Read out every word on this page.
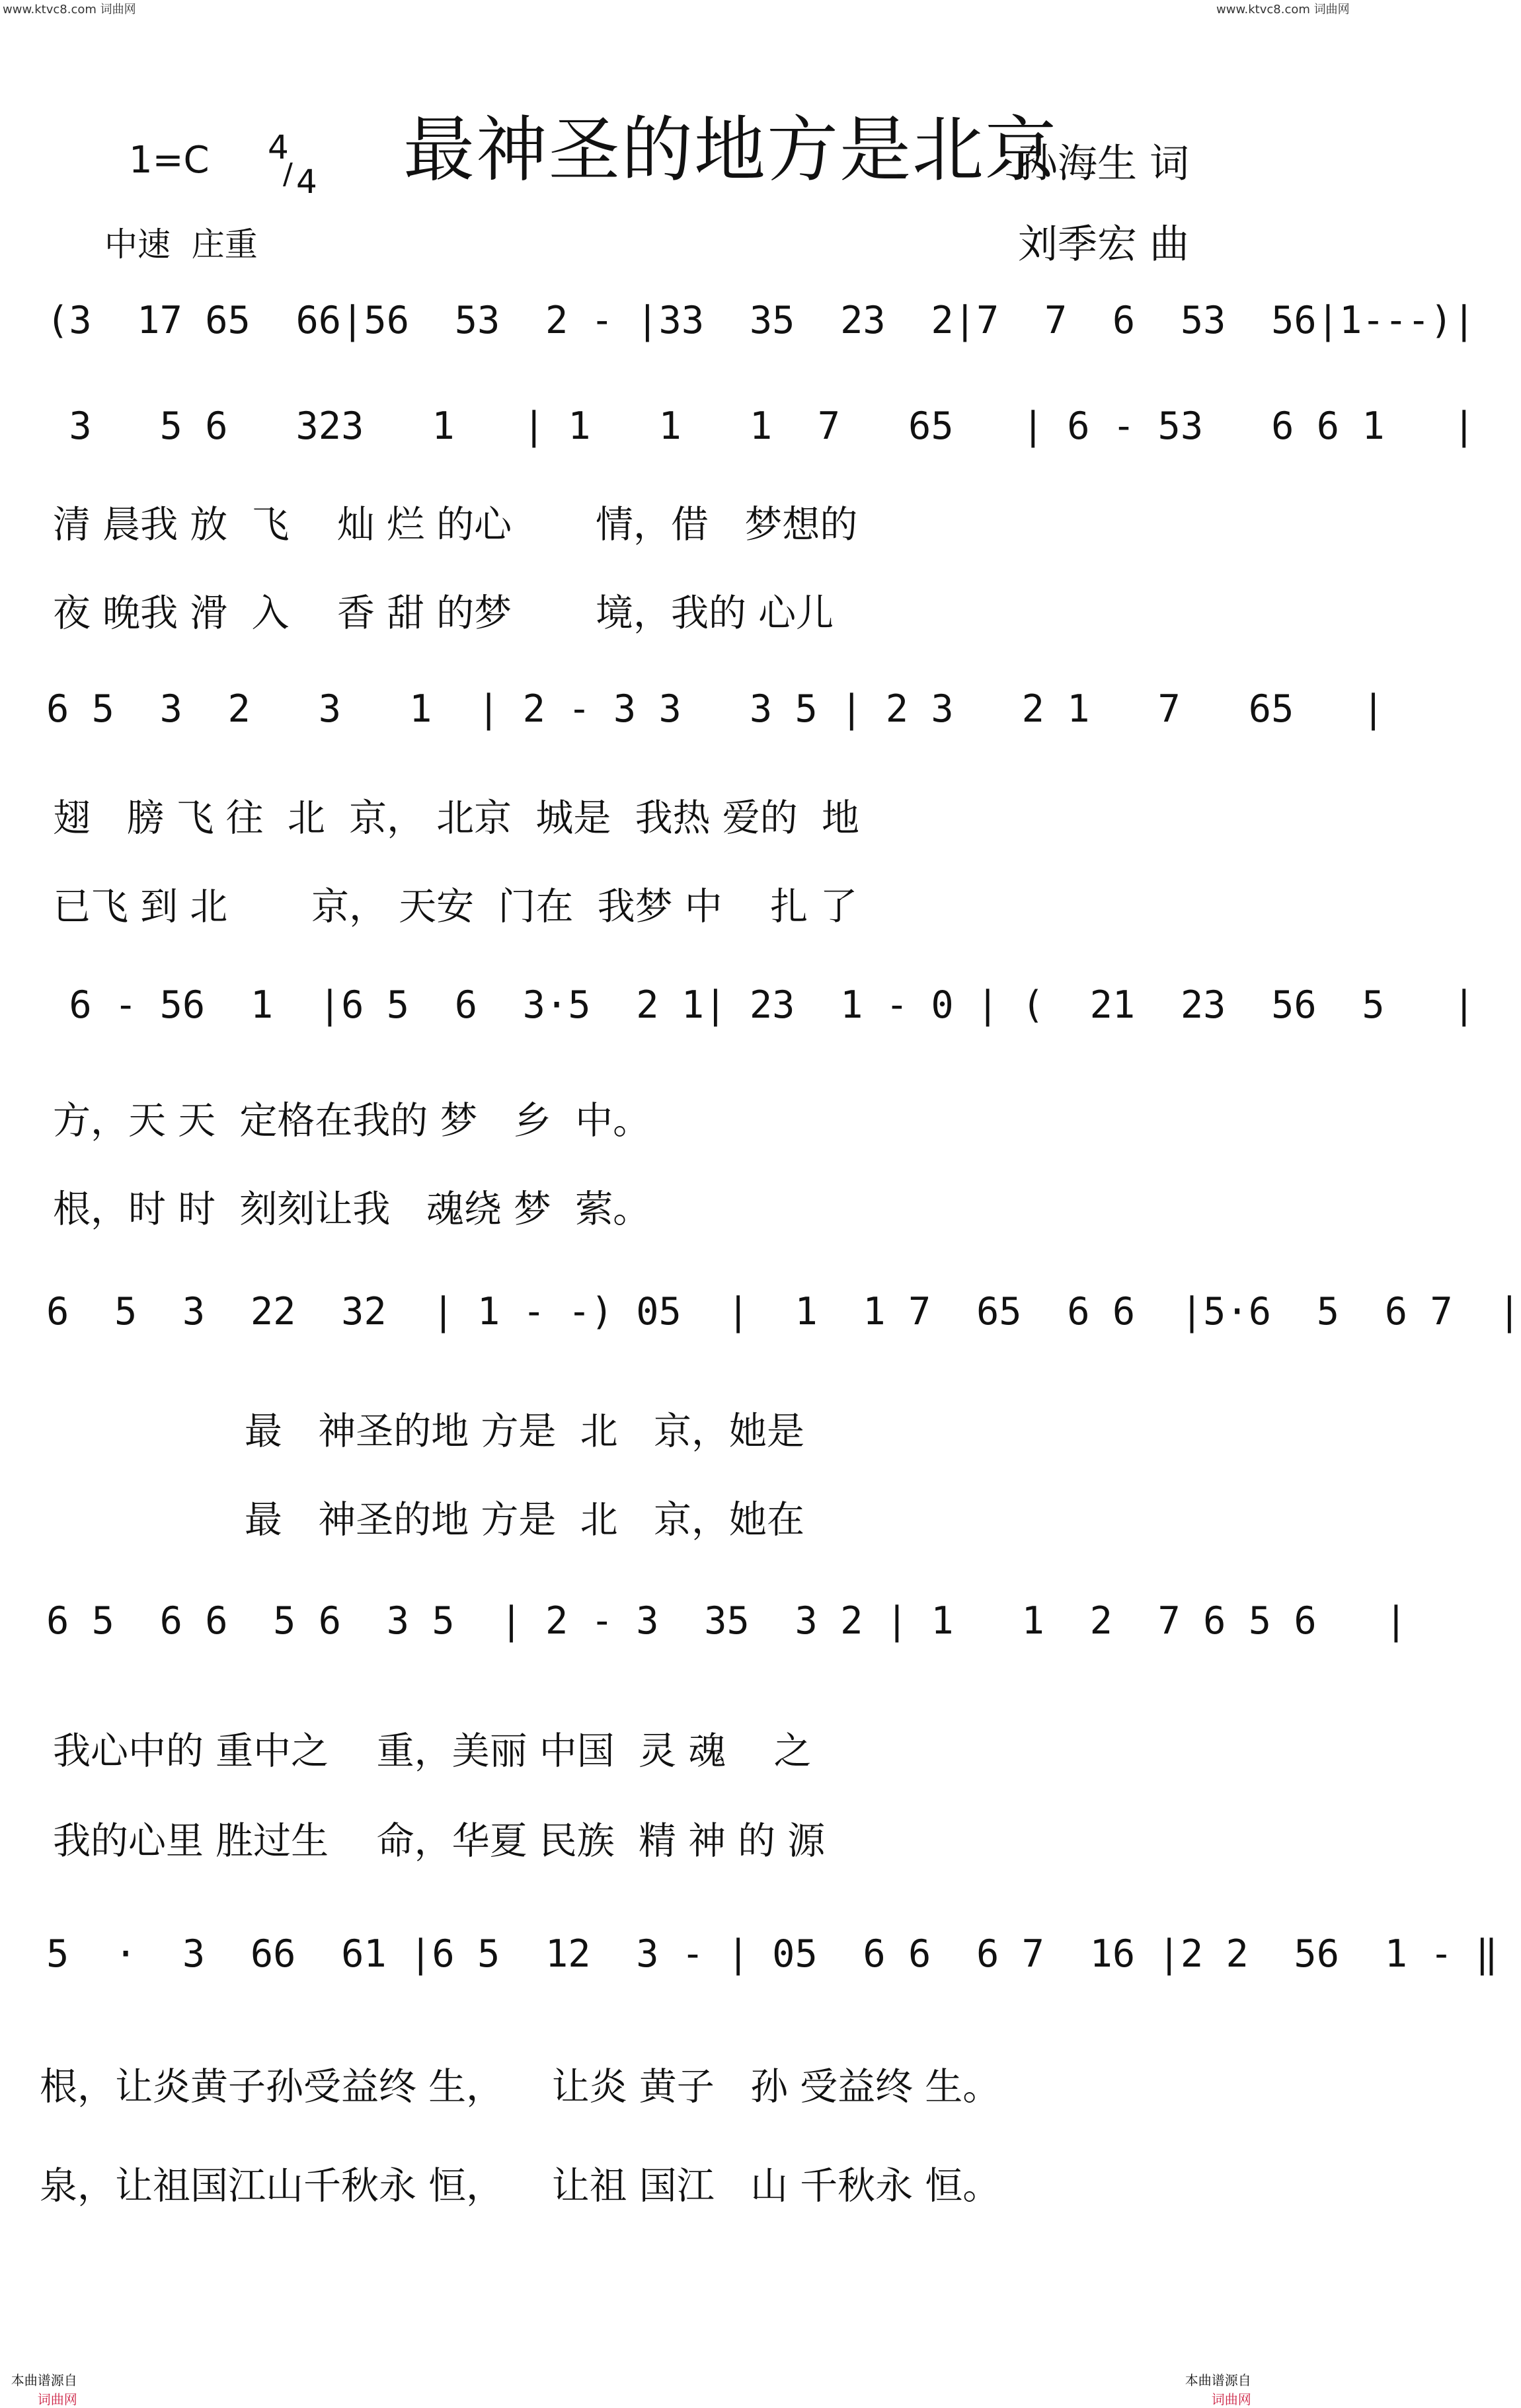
www.ktvc8.com 词曲网	www.ktvc8.com 词曲网
最神圣的地方是北京
1=C 4
/ 4
中速  庄重
孙海生 词
刘季宏 曲
(3  17 65  66|56  53  2 - |33  35  23  2|7  7  6  53  56|1---)|
3   5 6   323   1   | 1   1   1  7   65   | 6 - 53   6 6 1   |
清 晨我 放  飞    灿 烂 的心       情，借   梦想的
夜 晚我 滑  入    香 甜 的梦       境，我的 心儿
6 5  3  2   3   1  | 2 - 3 3   3 5 | 2 3   2 1   7   65   |
翅   膀 飞 往  北  京， 北京  城是  我热 爱的  地
已飞 到 北       京， 天安  门在  我梦 中    扎 了
6 - 56  1  |6 5  6  3·5  2 1| 23  1 - 0 | (  21  23  56  5   |
方，天 天  定格在我的 梦   乡  中。
根，时 时  刻刻让我   魂绕 梦  萦。
6  5  3  22  32  | 1 - -) 05  |  1  1 7  65  6 6  |5·6  5  6 7  |
最   神圣的地 方是  北   京，她是
最   神圣的地 方是  北   京，她在
6 5  6 6  5 6  3 5  | 2 - 3  35  3 2 | 1   1  2  7 6 5 6   |
我心中的 重中之    重，美丽 中国  灵 魂    之
我的心里 胜过生    命，华夏 民族  精 神 的 源
5  ·  3  66  61 |6 5  12  3 - | 05  6 6  6 7  16 |2 2  56  1 - ‖
根，让炎黄子孙受益终 生，    让炎 黄子   孙 受益终 生。
泉，让祖国江山千秋永 恒，    让祖 国江   山 千秋永 恒。

本曲谱源自
词曲网

本曲谱源自
词曲网
